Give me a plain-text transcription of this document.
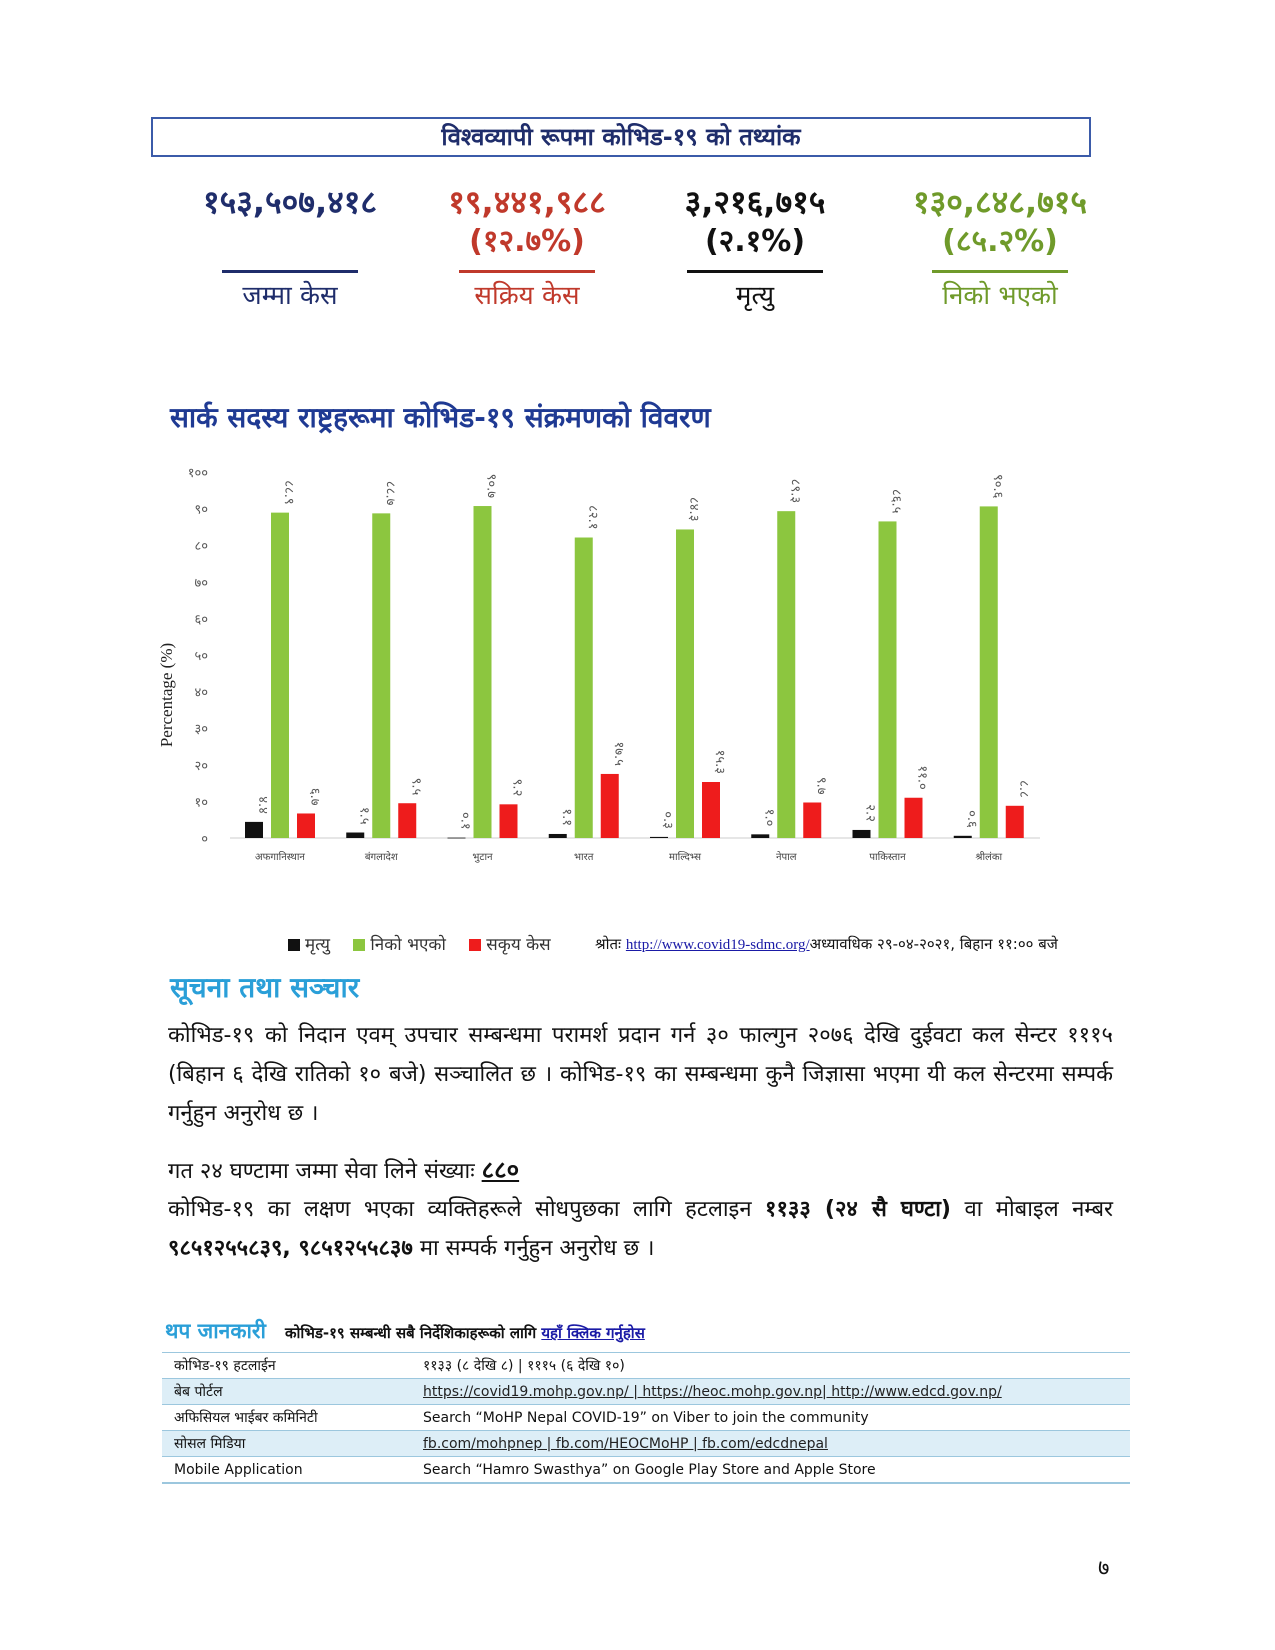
विश्वव्यापी रूपमा कोभिड-१९ को तथ्यांक
१५३,५०७,४१८
जम्मा केस
१९,४४१,९८८
(१२.७%)
सक्रिय केस
३,२१६,७१५
(२.१%)
मृत्यु
१३०,८४८,७१५
(८५.२%)
निको भएको
सार्क सदस्य राष्ट्रहरूमा कोभिड-१९ संक्रमणको विवरण
०
१०
२०
३०
४०
५०
६०
७०
८०
९०
१००
४.४
८८.९
६.७
अफगानिस्थान
१.५
८८.७
९.५
बंगलादेश
०.१
९०.७
९.२
भुटान
१.१
८२.१
१७.५
भारत
०.३
८४.३
१५.३
माल्दिभ्स
१.०
८९.३
९.७
नेपाल
२.२
८६.५
११.०
पाकिस्तान
०.६
९०.६
८.८
श्रीलंका
Percentage (%)
मृत्यु निको भएको सकृय केस	श्रोतः http://www.covid19-sdmc.org/अध्यावधिक २९-०४-२०२१, बिहान ११:०० बजे
सूचना तथा सञ्चार
कोभिड-१९ को निदान एवम् उपचार सम्बन्धमा परामर्श प्रदान गर्न ३० फाल्गुन २०७६ देखि दुईवटा कल सेन्टर १११५ (बिहान ६ देखि रातिको १० बजे) सञ्चालित छ । कोभिड-१९ का सम्बन्धमा कुनै जिज्ञासा भएमा यी कल सेन्टरमा सम्पर्क गर्नुहुन अनुरोध छ ।
गत २४ घण्टामा जम्मा सेवा लिने संख्याः ८८०
कोभिड-१९ का लक्षण भएका व्यक्तिहरूले सोधपुछका लागि हटलाइन ११३३ (२४ सै घण्टा) वा मोबाइल नम्बर ९८५१२५५८३९, ९८५१२५५८३७ मा सम्पर्क गर्नुहुन अनुरोध छ ।
थप जानकारी कोभिड-१९ सम्बन्धी सबै निर्देशिकाहरूको लागि यहाँ क्लिक गर्नुहोस
कोभिड-१९ हटलाईन	११३३ (८ देखि ८) | १११५ (६ देखि १०)
बेब पोर्टल	https://covid19.mohp.gov.np/ | https://heoc.mohp.gov.np| http://www.edcd.gov.np/
अफिसियल भाईबर कमिनिटी	Search “MoHP Nepal COVID-19” on Viber to join the community
सोसल मिडिया	fb.com/mohpnep | fb.com/HEOCMoHP | fb.com/edcdnepal
Mobile Application	Search “Hamro Swasthya” on Google Play Store and Apple Store
७
